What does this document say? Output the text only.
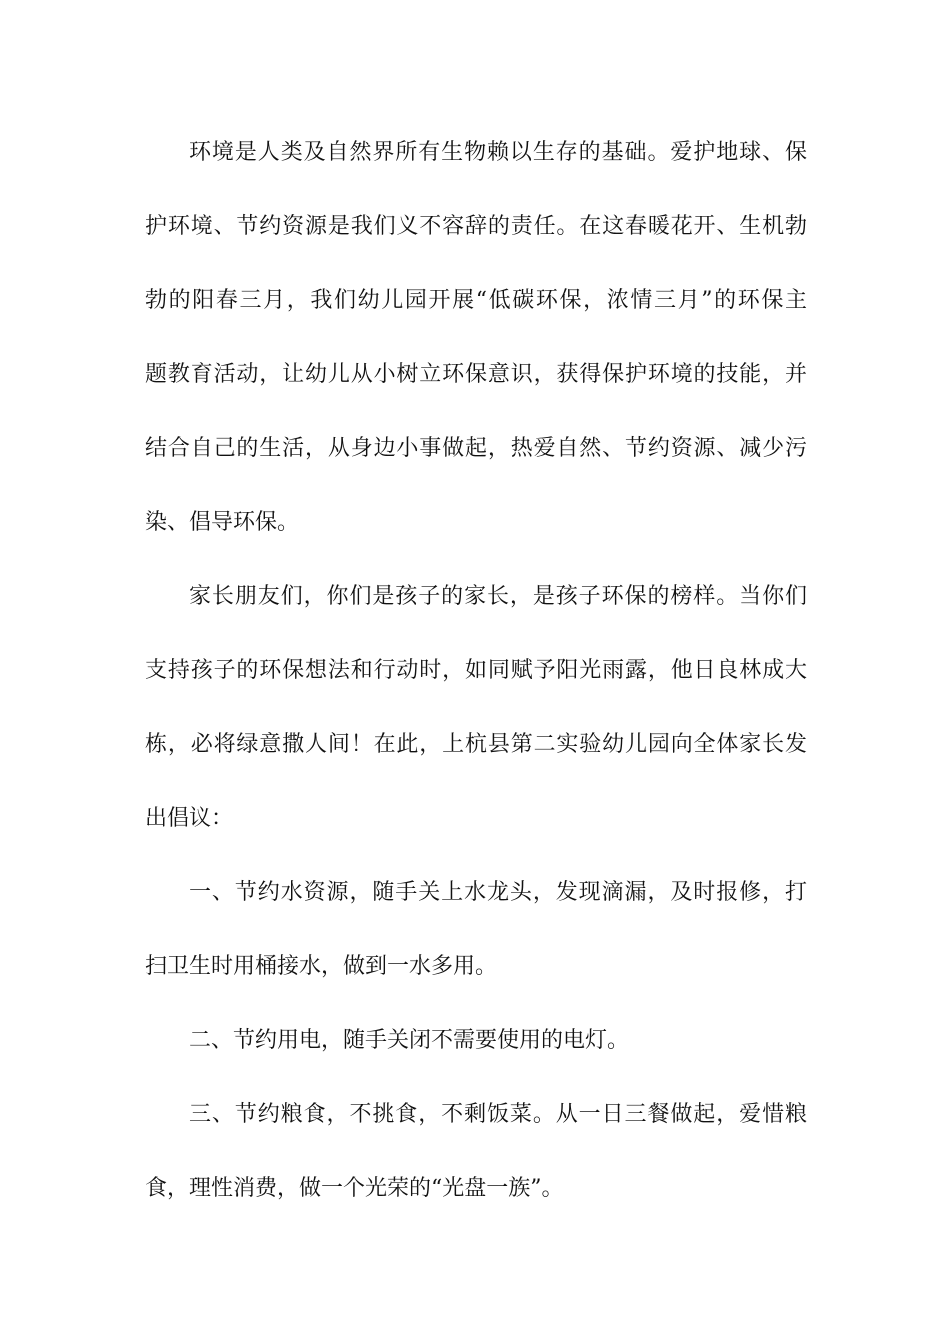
环境是人类及自然界所有生物赖以生存的基础。爱护地球、保
护环境、节约资源是我们义不容辞的责任。在这春暖花开、生机勃
勃的阳春三月，我们幼儿园开展“低碳环保，浓情三月”的环保主
题教育活动，让幼儿从小树立环保意识，获得保护环境的技能，并
结合自己的生活，从身边小事做起，热爱自然、节约资源、减少污
染、倡导环保。
家长朋友们，你们是孩子的家长，是孩子环保的榜样。当你们
支持孩子的环保想法和行动时，如同赋予阳光雨露，他日良林成大
栋，必将绿意撒人间！在此，上杭县第二实验幼儿园向全体家长发
出倡议：
一、节约水资源，随手关上水龙头，发现滴漏，及时报修，打
扫卫生时用桶接水，做到一水多用。
二、节约用电，随手关闭不需要使用的电灯。
三、节约粮食，不挑食，不剩饭菜。从一日三餐做起，爱惜粮
食，理性消费，做一个光荣的“光盘一族”。
